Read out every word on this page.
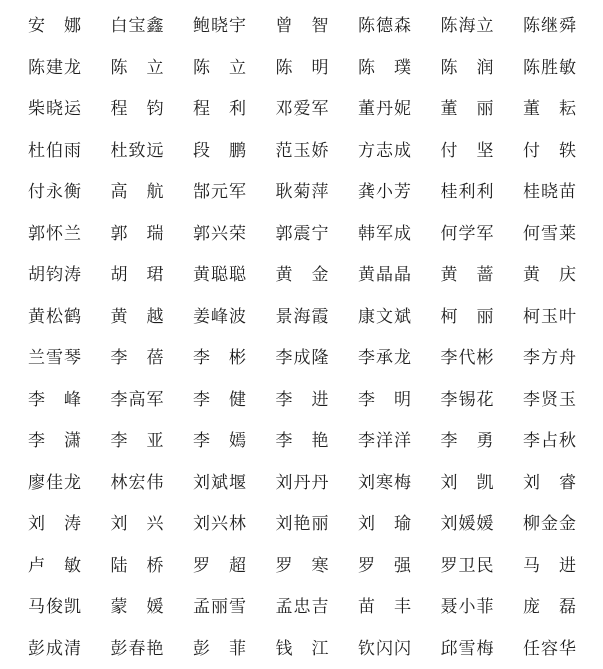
安娜 白宝鑫 鲍晓宇 曾智 陈德森 陈海立 陈继舜
陈建龙 陈立 陈立 陈明 陈璞 陈润 陈胜敏
柴晓运 程钧 程利 邓爱军 董丹妮 董丽 董耘
杜伯雨 杜致远 段鹏 范玉娇 方志成 付坚 付轶
付永衡 高航 郜元军 耿菊萍 龚小芳 桂利利 桂晓苗
郭怀兰 郭瑞 郭兴荣 郭震宁 韩军成 何学军 何雪莱
胡钧涛 胡珺 黄聪聪 黄金 黄晶晶 黄蔷 黄庆
黄松鹤 黄越 姜峰波 景海霞 康文斌 柯丽 柯玉叶
兰雪琴 李蓓 李彬 李成隆 李承龙 李代彬 李方舟
李峰 李高军 李健 李进 李明 李锡花 李贤玉
李潇 李亚 李嫣 李艳 李洋洋 李勇 李占秋
廖佳龙 林宏伟 刘斌堰 刘丹丹 刘寒梅 刘凯 刘睿
刘涛 刘兴 刘兴林 刘艳丽 刘瑜 刘媛媛 柳金金
卢敏 陆桥 罗超 罗寒 罗强 罗卫民 马进
马俊凯 蒙媛 孟丽雪 孟忠吉 苗丰 聂小菲 庞磊
彭成清 彭春艳 彭菲 钱江 钦闪闪 邱雪梅 任容华
